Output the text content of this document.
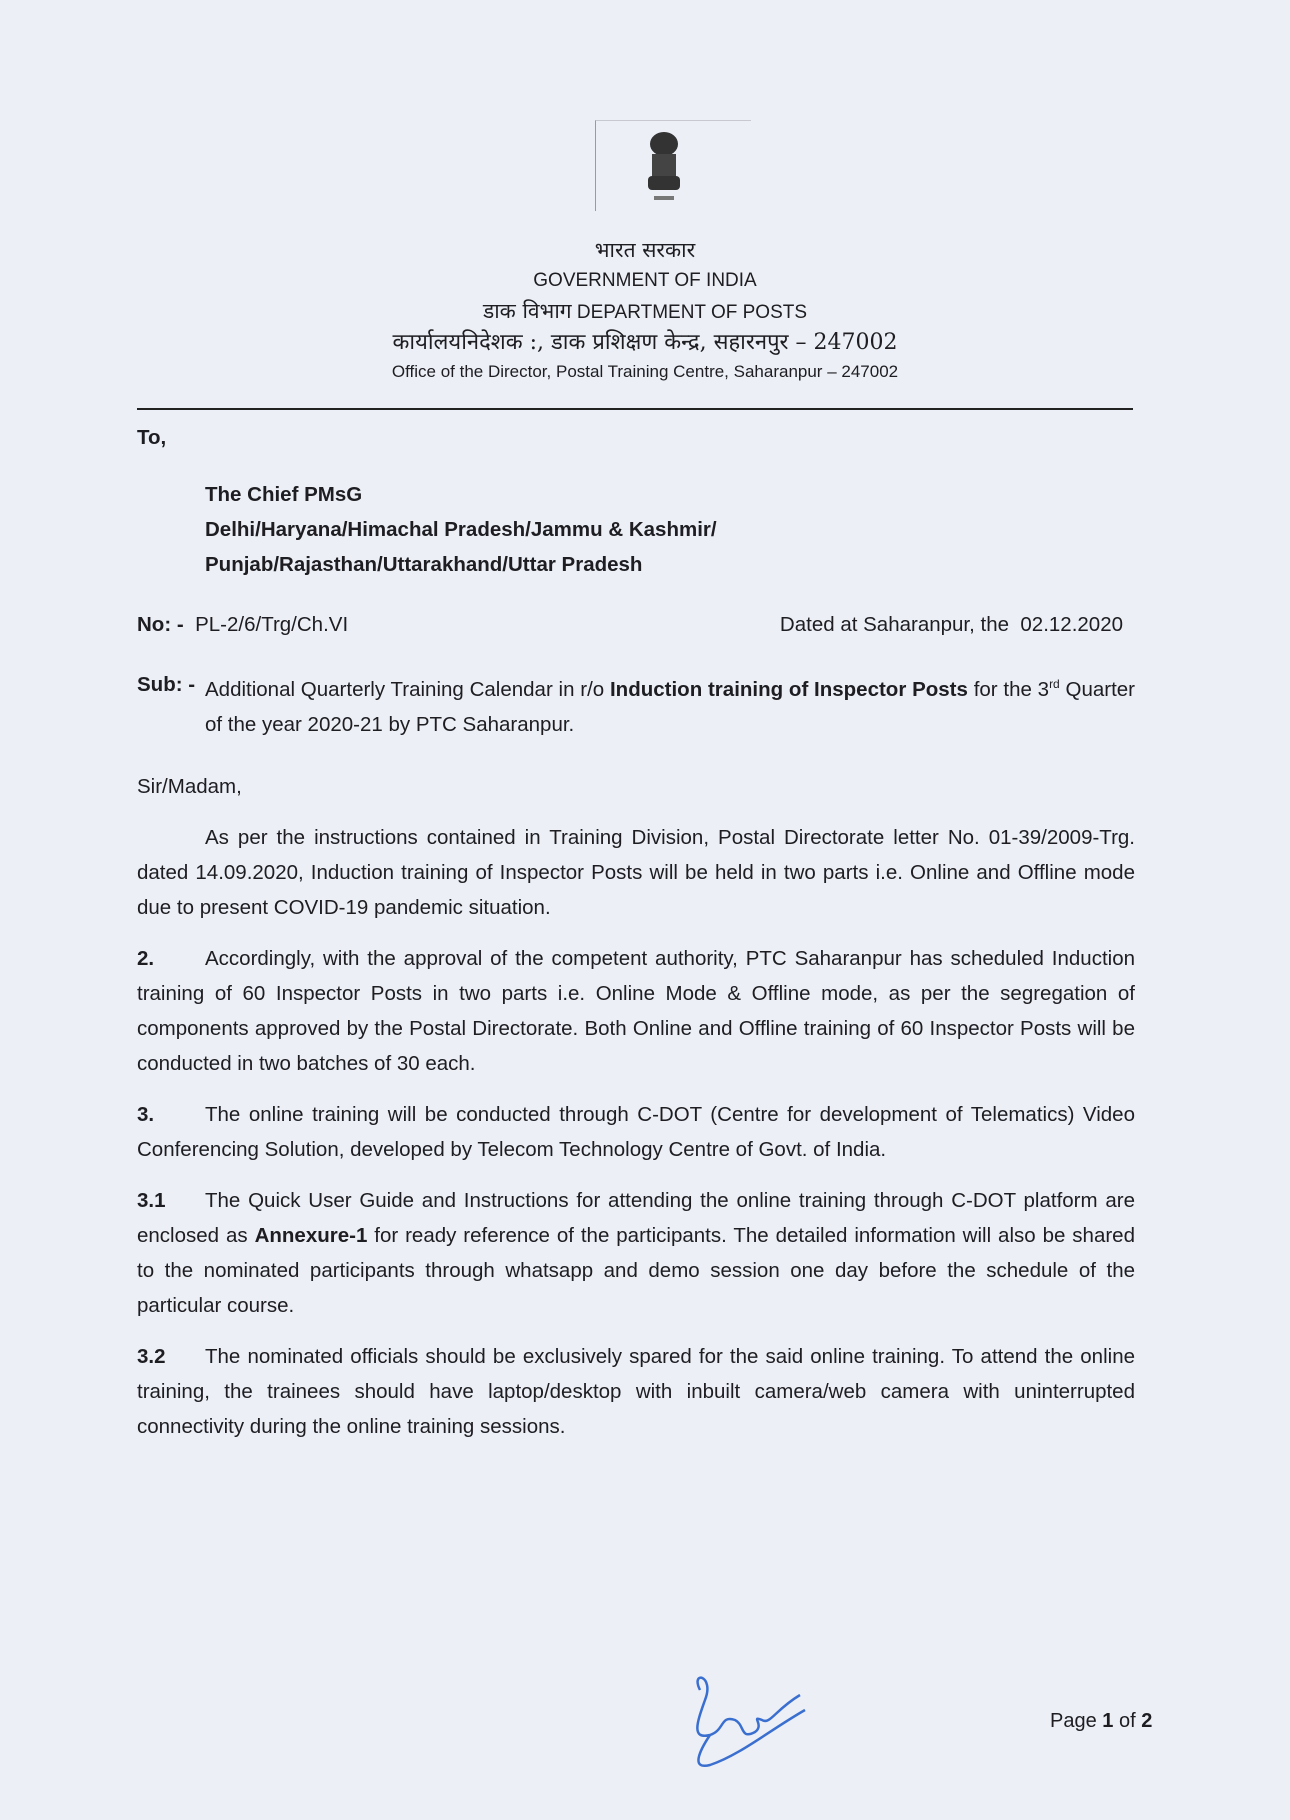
भारत सरकार
GOVERNMENT OF INDIA
डाक विभाग DEPARTMENT OF POSTS
कार्यालयनिदेशक :, डाक प्रशिक्षण केन्द्र, सहारनपुर – 247002
Office of the Director, Postal Training Centre, Saharanpur – 247002
To,
The Chief PMsG
Delhi/Haryana/Himachal Pradesh/Jammu & Kashmir/
Punjab/Rajasthan/Uttarakhand/Uttar Pradesh
No: - PL-2/6/Trg/Ch.VI	Dated at Saharanpur, the  02.12.2020
Sub: - Additional Quarterly Training Calendar in r/o Induction training of Inspector Posts for the 3rd Quarter of the year 2020-21 by PTC Saharanpur.
Sir/Madam,

As per the instructions contained in Training Division, Postal Directorate letter No. 01-39/2009-Trg. dated 14.09.2020, Induction training of Inspector Posts will be held in two parts i.e. Online and Offline mode due to present COVID-19 pandemic situation.

2. Accordingly, with the approval of the competent authority, PTC Saharanpur has scheduled Induction training of 60 Inspector Posts in two parts i.e. Online Mode & Offline mode, as per the segregation of components approved by the Postal Directorate. Both Online and Offline training of 60 Inspector Posts will be conducted in two batches of 30 each.

3. The online training will be conducted through C-DOT (Centre for development of Telematics) Video Conferencing Solution, developed by Telecom Technology Centre of Govt. of India.

3.1 The Quick User Guide and Instructions for attending the online training through C-DOT platform are enclosed as Annexure-1 for ready reference of the participants. The detailed information will also be shared to the nominated participants through whatsapp and demo session one day before the schedule of the particular course.

3.2 The nominated officials should be exclusively spared for the said online training. To attend the online training, the trainees should have laptop/desktop with inbuilt camera/web camera with uninterrupted connectivity during the online training sessions.

Page 1 of 2
